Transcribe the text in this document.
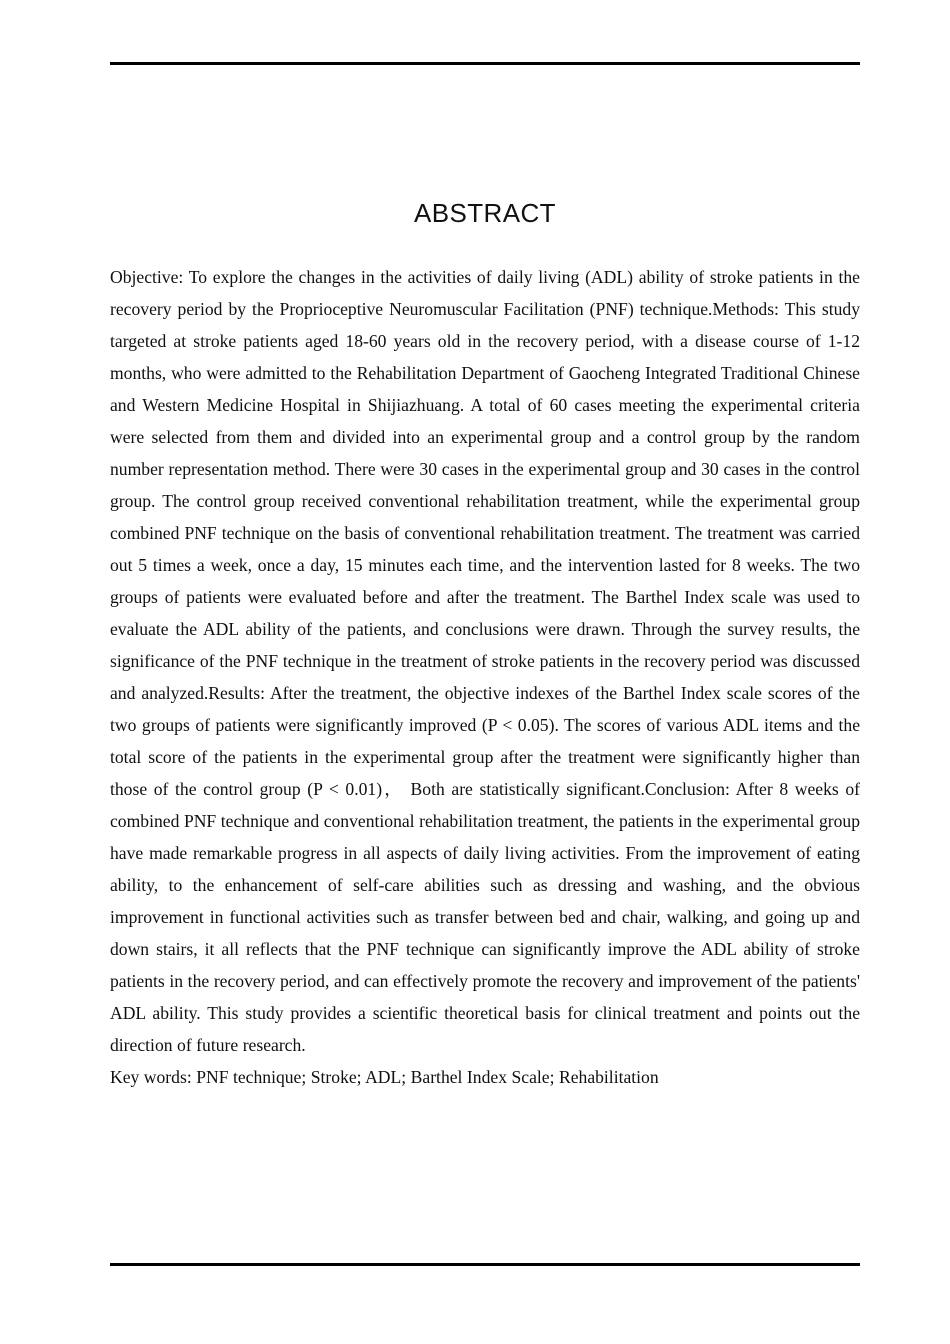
ABSTRACT

Objective: To explore the changes in the activities of daily living (ADL) ability of stroke patients in the recovery period by the Proprioceptive Neuromuscular Facilitation (PNF) technique.Methods: This study targeted at stroke patients aged 18-60 years old in the recovery period, with a disease course of 1-12 months, who were admitted to the Rehabilitation Department of Gaocheng Integrated Traditional Chinese and Western Medicine Hospital in Shijiazhuang. A total of 60 cases meeting the experimental criteria were selected from them and divided into an experimental group and a control group by the random number representation method. There were 30 cases in the experimental group and 30 cases in the control group. The control group received conventional rehabilitation treatment, while the experimental group combined PNF technique on the basis of conventional rehabilitation treatment. The treatment was carried out 5 times a week, once a day, 15 minutes each time, and the intervention lasted for 8 weeks. The two groups of patients were evaluated before and after the treatment. The Barthel Index scale was used to evaluate the ADL ability of the patients, and conclusions were drawn. Through the survey results, the significance of the PNF technique in the treatment of stroke patients in the recovery period was discussed and analyzed.Results: After the treatment, the objective indexes of the Barthel Index scale scores of the two groups of patients were significantly improved (P < 0.05). The scores of various ADL items and the total score of the patients in the experimental group after the treatment were significantly higher than those of the control group (P < 0.01)， Both are statistically significant.Conclusion: After 8 weeks of combined PNF technique and conventional rehabilitation treatment, the patients in the experimental group have made remarkable progress in all aspects of daily living activities. From the improvement of eating ability, to the enhancement of self-care abilities such as dressing and washing, and the obvious improvement in functional activities such as transfer between bed and chair, walking, and going up and down stairs, it all reflects that the PNF technique can significantly improve the ADL ability of stroke patients in the recovery period, and can effectively promote the recovery and improvement of the patients' ADL ability. This study provides a scientific theoretical basis for clinical treatment and points out the direction of future research.

Key words: PNF technique; Stroke; ADL; Barthel Index Scale; Rehabilitation
